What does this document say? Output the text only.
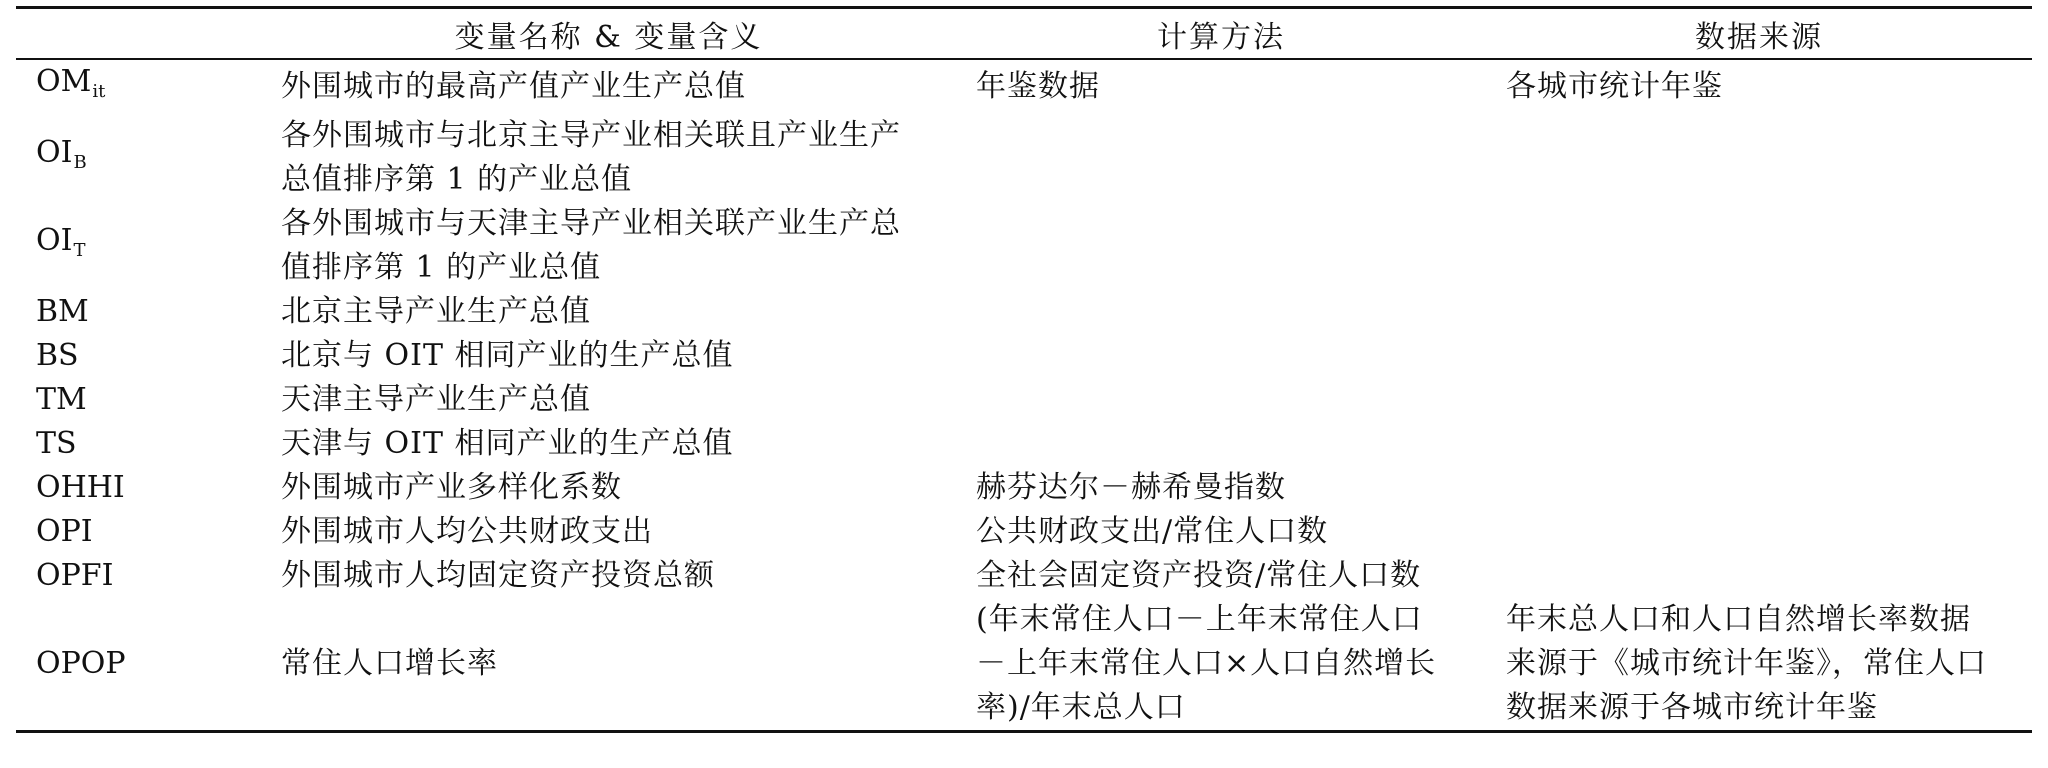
	变量名称 & 变量含义	计算方法	数据来源
$OM_{it}$	外围城市的最高产值产业生产总值	年鉴数据	各城市统计年鉴
$OI_B$	各外围城市与北京主导产业相关联且产业生产
总值排序第 1 的产业总值		

$OI_T$	各外围城市与天津主导产业相关联产业生产总
值排序第 1 的产业总值		

BM	北京主导产业生产总值		
BS	北京与 OIT 相同产业的生产总值		
TM	天津主导产业生产总值		
TS	天津与 OIT 相同产业的生产总值		
OHHI	外围城市产业多样化系数	赫芬达尔－赫希曼指数	
OPI	外围城市人均公共财政支出	公共财政支出/常住人口数	
OPFI	外围城市人均固定资产投资总额	全社会固定资产投资/常住人口数	
OPOP	常住人口增长率	(年末常住人口－上年末常住人口
－上年末常住人口×人口自然增长
率)/年末总人口	年末总人口和人口自然增长率数据
来源于《城市统计年鉴》，常住人口
数据来源于各城市统计年鉴
